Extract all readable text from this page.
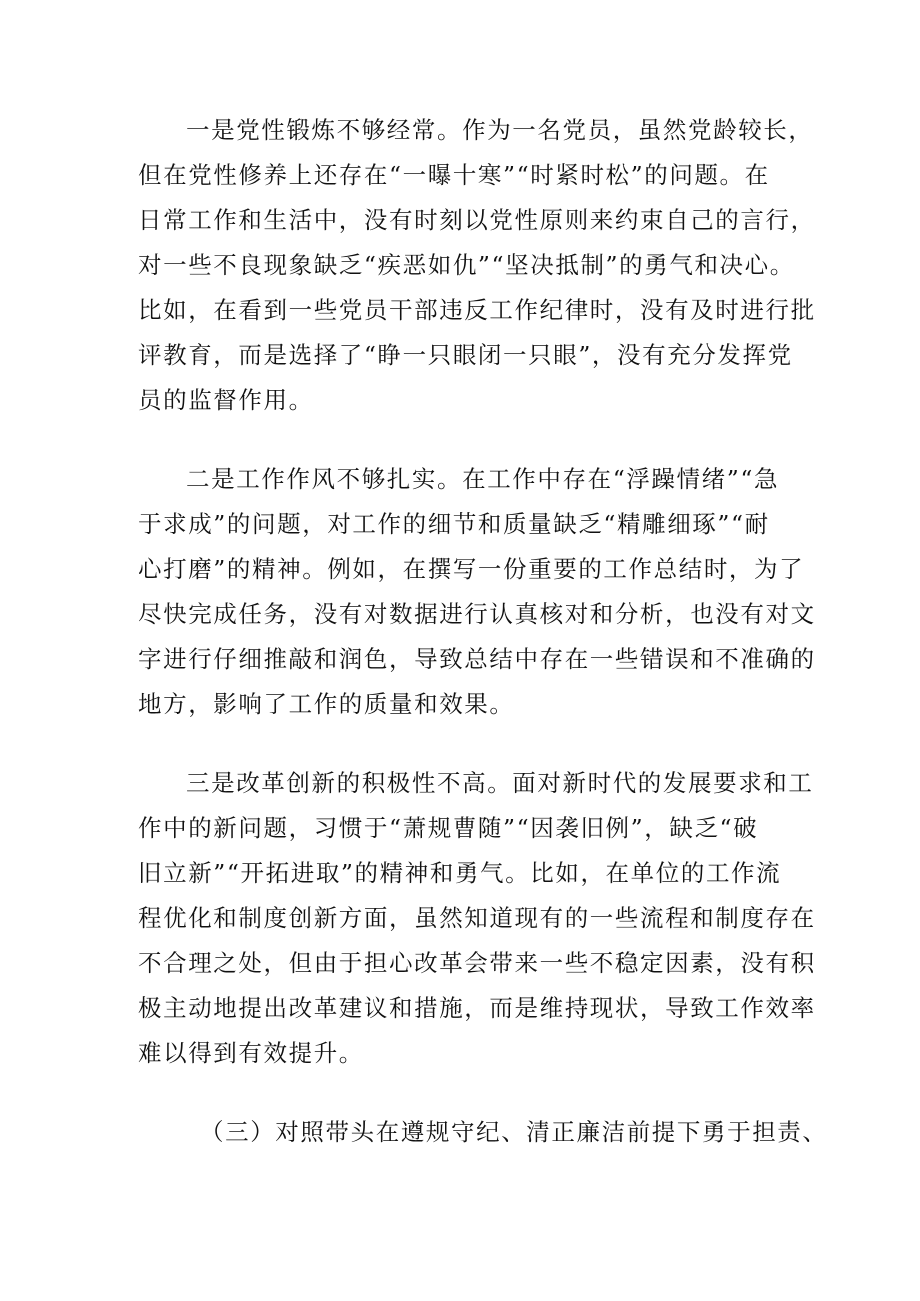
一是党性锻炼不够经常。作为一名党员，虽然党龄较长，
但在党性修养上还存在“一曝十寒”“时紧时松”的问题。在
日常工作和生活中，没有时刻以党性原则来约束自己的言行，
对一些不良现象缺乏“疾恶如仇”“坚决抵制”的勇气和决心。
比如，在看到一些党员干部违反工作纪律时，没有及时进行批
评教育，而是选择了“睁一只眼闭一只眼”，没有充分发挥党
员的监督作用。
二是工作作风不够扎实。在工作中存在“浮躁情绪”“急
于求成”的问题，对工作的细节和质量缺乏“精雕细琢”“耐
心打磨”的精神。例如，在撰写一份重要的工作总结时，为了
尽快完成任务，没有对数据进行认真核对和分析，也没有对文
字进行仔细推敲和润色，导致总结中存在一些错误和不准确的
地方，影响了工作的质量和效果。
三是改革创新的积极性不高。面对新时代的发展要求和工
作中的新问题，习惯于“萧规曹随”“因袭旧例”，缺乏“破
旧立新”“开拓进取”的精神和勇气。比如，在单位的工作流
程优化和制度创新方面，虽然知道现有的一些流程和制度存在
不合理之处，但由于担心改革会带来一些不稳定因素，没有积
极主动地提出改革建议和措施，而是维持现状，导致工作效率
难以得到有效提升。
（三）对照带头在遵规守纪、清正廉洁前提下勇于担责、
